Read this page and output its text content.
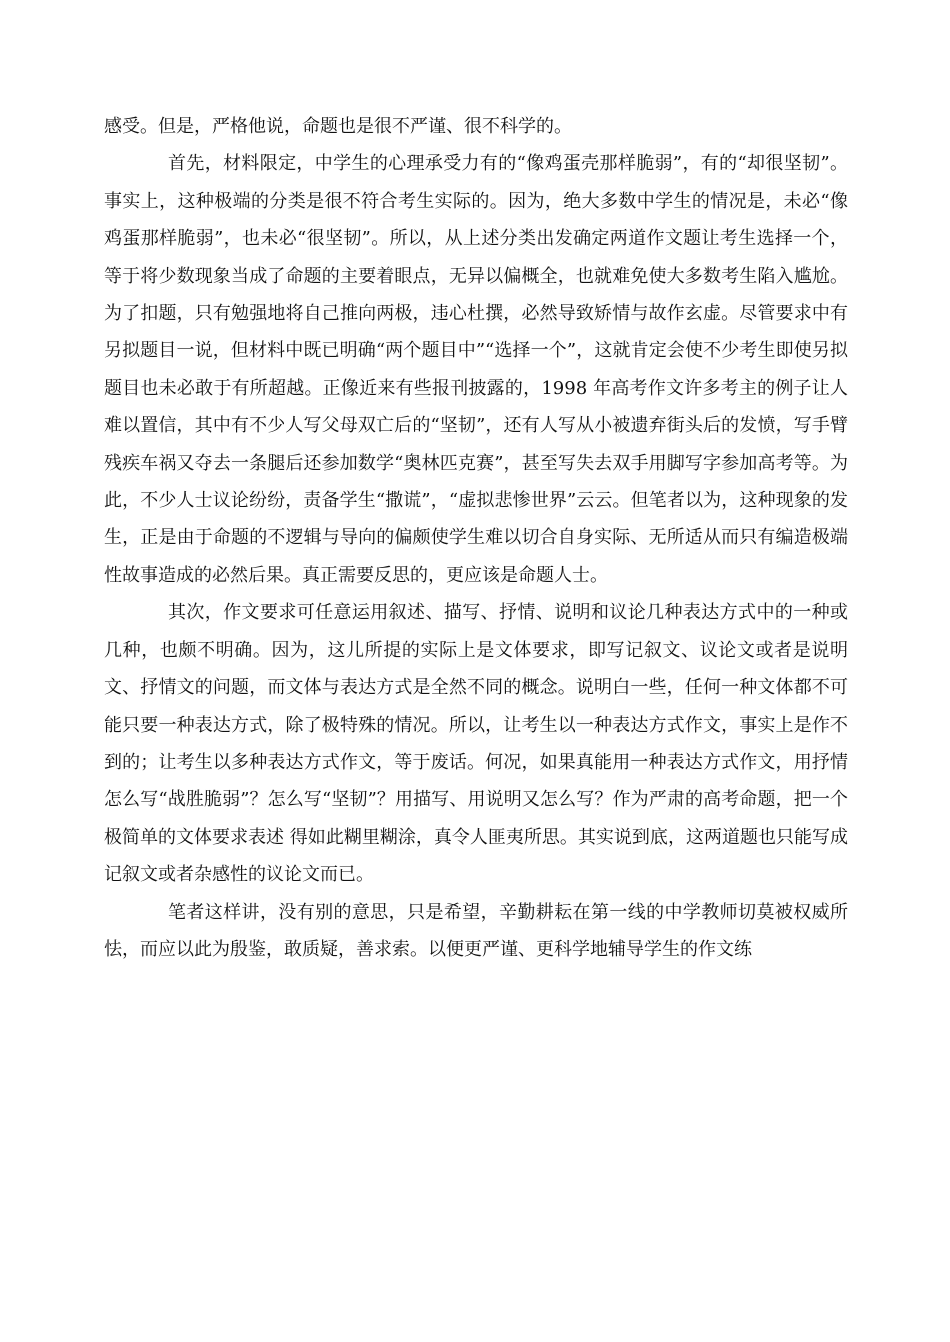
感受。但是，严格他说，命题也是很不严谨、很不科学的。

首先，材料限定，中学生的心理承受力有的“像鸡蛋壳那样脆弱”，有的“却很坚韧”。事实上，这种极端的分类是很不符合考生实际的。因为，绝大多数中学生的情况是，未必“像鸡蛋那样脆弱”，也未必“很坚韧”。所以，从上述分类出发确定两道作文题让考生选择一个，等于将少数现象当成了命题的主要着眼点，无异以偏概全，也就难免使大多数考生陷入尴尬。为了扣题，只有勉强地将自己推向两极，违心杜撰，必然导致矫情与故作玄虚。尽管要求中有另拟题目一说，但材料中既已明确“两个题目中”“选择一个”，这就肯定会使不少考生即使另拟题目也未必敢于有所超越。正像近来有些报刊披露的，1998 年高考作文许多考主的例子让人难以置信，其中有不少人写父母双亡后的“坚韧”，还有人写从小被遗弃街头后的发愤，写手臂残疾车祸又夺去一条腿后还参加数学“奥林匹克赛”，甚至写失去双手用脚写字参加高考等。为此，不少人士议论纷纷，责备学生“撒谎”，“虚拟悲惨世界”云云。但笔者以为，这种现象的发生，正是由于命题的不逻辑与导向的偏颇使学生难以切合自身实际、无所适从而只有编造极端性故事造成的必然后果。真正需要反思的，更应该是命题人士。

其次，作文要求可任意运用叙述、描写、抒情、说明和议论几种表达方式中的一种或几种，也颇不明确。因为，这儿所提的实际上是文体要求，即写记叙文、议论文或者是说明文、抒情文的问题，而文体与表达方式是全然不同的概念。说明白一些，任何一种文体都不可能只要一种表达方式，除了极特殊的情况。所以，让考生以一种表达方式作文，事实上是作不到的；让考生以多种表达方式作文，等于废话。何况，如果真能用一种表达方式作文，用抒情怎么写“战胜脆弱”？怎么写“坚韧”？用描写、用说明又怎么写？作为严肃的高考命题，把一个极简单的文体要求表述 得如此糊里糊涂，真令人匪夷所思。其实说到底，这两道题也只能写成记叙文或者杂感性的议论文而已。

笔者这样讲，没有别的意思，只是希望，辛勤耕耘在第一线的中学教师切莫被权威所怯，而应以此为殷鉴，敢质疑，善求索。以便更严谨、更科学地辅导学生的作文练
